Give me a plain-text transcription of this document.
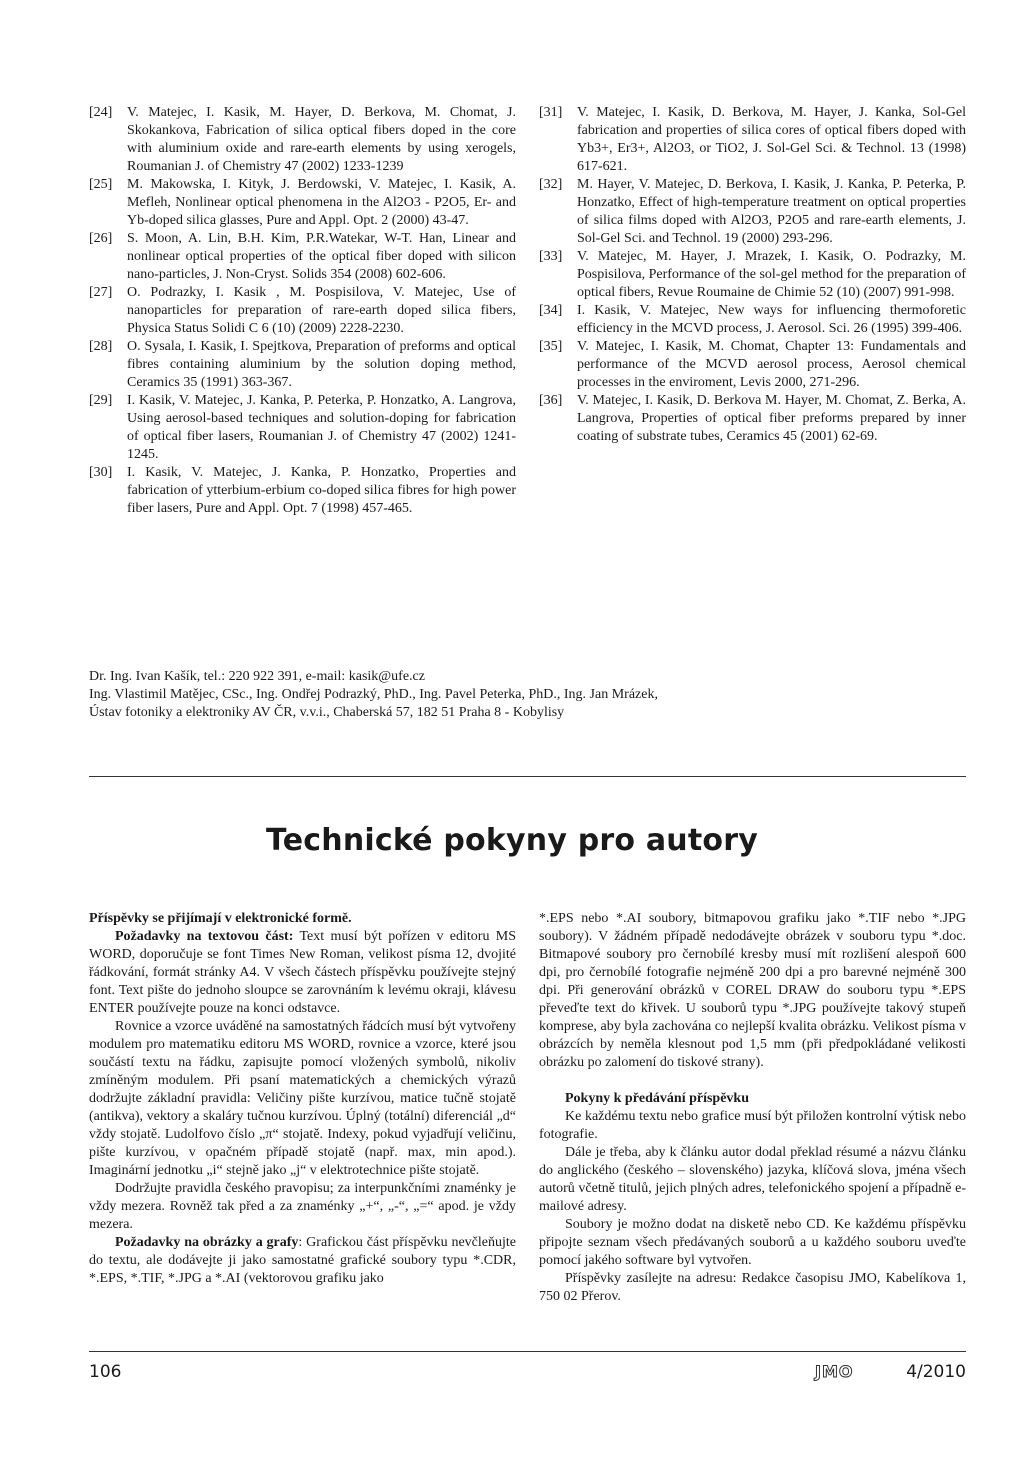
[24] V. Matejec, I. Kasik, M. Hayer, D. Berkova, M. Chomat, J. Skokankova, Fabrication of silica optical fibers doped in the core with aluminium oxide and rare-earth elements by using xerogels, Roumanian J. of Chemistry 47 (2002) 1233-1239
[25] M. Makowska, I. Kityk, J. Berdowski, V. Matejec, I. Kasik, A. Mefleh, Nonlinear optical phenomena in the Al2O3 - P2O5, Er- and Yb-doped silica glasses, Pure and Appl. Opt. 2 (2000) 43-47.
[26] S. Moon, A. Lin, B.H. Kim, P.R.Watekar, W-T. Han, Linear and nonlinear optical properties of the optical fiber doped with silicon nano-particles, J. Non-Cryst. Solids 354 (2008) 602-606.
[27] O. Podrazky, I. Kasik , M. Pospisilova, V. Matejec, Use of nanoparticles for preparation of rare-earth doped silica fibers, Physica Status Solidi C 6 (10) (2009) 2228-2230.
[28] O. Sysala, I. Kasik, I. Spejtkova, Preparation of preforms and optical fibres containing aluminium by the solution doping method, Ceramics 35 (1991) 363-367.
[29] I. Kasik, V. Matejec, J. Kanka, P. Peterka, P. Honzatko, A. Langrova, Using aerosol-based techniques and solution-doping for fabrication of optical fiber lasers, Roumanian J. of Chemistry 47 (2002) 1241-1245.
[30] I. Kasik, V. Matejec, J. Kanka, P. Honzatko, Properties and fabrication of ytterbium-erbium co-doped silica fibres for high power fiber lasers, Pure and Appl. Opt. 7 (1998) 457-465.
[31] V. Matejec, I. Kasik, D. Berkova, M. Hayer, J. Kanka, Sol-Gel fabrication and properties of silica cores of optical fibers doped with Yb3+, Er3+, Al2O3, or TiO2, J. Sol-Gel Sci. & Technol. 13 (1998) 617-621.
[32] M. Hayer, V. Matejec, D. Berkova, I. Kasik, J. Kanka, P. Peterka, P. Honzatko, Effect of high-temperature treatment on optical properties of silica films doped with Al2O3, P2O5 and rare-earth elements, J. Sol-Gel Sci. and Technol. 19 (2000) 293-296.
[33] V. Matejec, M. Hayer, J. Mrazek, I. Kasik, O. Podrazky, M. Pospisilova, Performance of the sol-gel method for the preparation of optical fibers, Revue Roumaine de Chimie 52 (10) (2007) 991-998.
[34] I. Kasik, V. Matejec, New ways for influencing thermoforetic efficiency in the MCVD process, J. Aerosol. Sci. 26 (1995) 399-406.
[35] V. Matejec, I. Kasik, M. Chomat, Chapter 13: Fundamentals and performance of the MCVD aerosol process, Aerosol chemical processes in the enviroment, Levis 2000, 271-296.
[36] V. Matejec, I. Kasik, D. Berkova M. Hayer, M. Chomat, Z. Berka, A. Langrova, Properties of optical fiber preforms prepared by inner coating of substrate tubes, Ceramics 45 (2001) 62-69.
Dr. Ing. Ivan Kašík, tel.: 220 922 391, e-mail: kasik@ufe.cz
Ing. Vlastimil Matějec, CSc., Ing. Ondřej Podrazký, PhD., Ing. Pavel Peterka, PhD., Ing. Jan Mrázek,
Ústav fotoniky a elektroniky AV ČR, v.v.i., Chaberská 57, 182 51 Praha 8 - Kobylisy
Technické pokyny pro autory

Příspěvky se přijímají v elektronické formě.

Požadavky na textovou část: Text musí být pořízen v editoru MS WORD, doporučuje se font Times New Roman, velikost písma 12, dvojité řádkování, formát stránky A4. V všech částech příspěvku používejte stejný font. Text pište do jednoho sloupce se zarovnáním k levému okraji, klávesu ENTER používejte pouze na konci odstavce.

Rovnice a vzorce uváděné na samostatných řádcích musí být vytvořeny modulem pro matematiku editoru MS WORD, rovnice a vzorce, které jsou součástí textu na řádku, zapisujte pomocí vložených symbolů, nikoliv zmíněným modulem. Při psaní matematických a chemických výrazů dodržujte základní pravidla: Veličiny pište kurzívou, matice tučně stojatě (antikva), vektory a skaláry tučnou kurzívou. Úplný (totální) diferenciál „d“ vždy stojatě. Ludolfovo číslo „π“ stojatě. Indexy, pokud vyjadřují veličinu, pište kurzívou, v opačném případě stojatě (např. max, min apod.). Imaginární jednotku „i“ stejně jako „j“ v elektrotechnice pište stojatě.

Dodržujte pravidla českého pravopisu; za interpunkčními znaménky je vždy mezera. Rovněž tak před a za znaménky „+“, „-“, „=“ apod. je vždy mezera.

Požadavky na obrázky a grafy: Grafickou část příspěvku nevčleňujte do textu, ale dodávejte ji jako samostatné grafické soubory typu *.CDR, *.EPS, *.TIF, *.JPG a *.AI (vektorovou grafiku jako

*.EPS nebo *.AI soubory, bitmapovou grafiku jako *.TIF nebo *.JPG soubory). V žádném případě nedodávejte obrázek v souboru typu *.doc. Bitmapové soubory pro černobílé kresby musí mít rozlišení alespoň 600 dpi, pro černobílé fotografie nejméně 200 dpi a pro barevné nejméně 300 dpi. Při generování obrázků v COREL DRAW do souboru typu *.EPS převeďte text do křivek. U souborů typu *.JPG používejte takový stupeň komprese, aby byla zachována co nejlepší kvalita obrázku. Velikost písma v obrázcích by neměla klesnout pod 1,5 mm (při předpokládané velikosti obrázku po zalomení do tiskové strany).

Pokyny k předávání příspěvku

Ke každému textu nebo grafice musí být přiložen kontrolní výtisk nebo fotografie.

Dále je třeba, aby k článku autor dodal překlad résumé a názvu článku do anglického (českého – slovenského) jazyka, klíčová slova, jména všech autorů včetně titulů, jejich plných adres, telefonického spojení a případně e-mailové adresy.

Soubory je možno dodat na disketě nebo CD. Ke každému příspěvku připojte seznam všech předávaných souborů a u každého souboru uveďte pomocí jakého software byl vytvořen.

Příspěvky zasílejte na adresu: Redakce časopisu JMO, Kabelíkova 1, 750 02 Přerov.

106	JMO	4/2010
